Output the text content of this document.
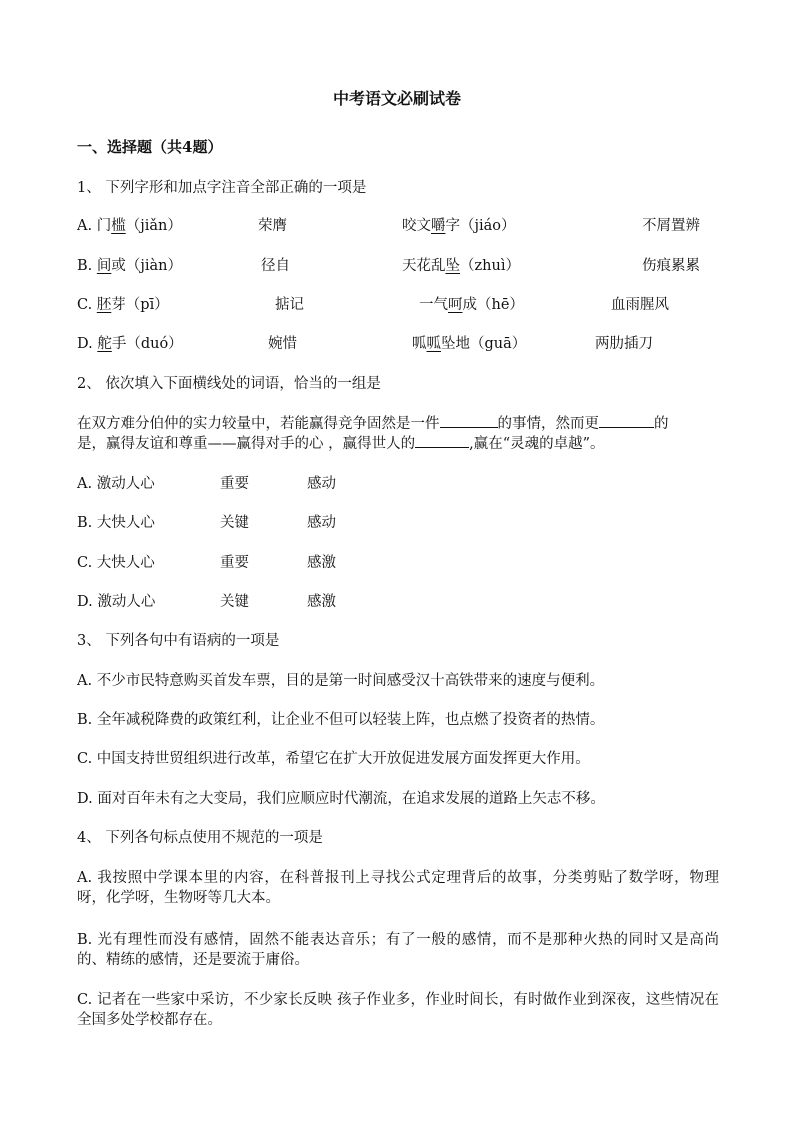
中考语文必刷试卷
一、选择题（共4题）
1、 下列字形和加点字注音全部正确的一项是
A. 门槛（jiǎn）	荣膺	咬文嚼字（jiáo）	不屑置辨
B. 间或（jiàn）	径自	天花乱坠（zhuì）	伤痕累累
C. 胚芽（pī）	掂记	一气呵成（hē）	血雨腥风
D. 舵手（duó）	婉惜	呱呱坠地（guā）	两肋插刀
2、 依次填入下面横线处的词语，恰当的一组是
在双方难分伯仲的实力较量中，若能赢得竞争固然是一件	的事情，然而更	的
是，赢得友谊和尊重——赢得对手的心 ，赢得世人的	,赢在“灵魂的卓越”。
A. 激动人心	重要	感动
B. 大快人心	关键	感动
C. 大快人心	重要	感激
D. 激动人心	关键	感激
3、 下列各句中有语病的一项是
A. 不少市民特意购买首发车票，目的是第一时间感受汉十高铁带来的速度与便利。
B. 全年减税降费的政策红利，让企业不但可以轻装上阵，也点燃了投资者的热情。
C. 中国支持世贸组织进行改革，希望它在扩大开放促进发展方面发挥更大作用。
D. 面对百年未有之大变局，我们应顺应时代潮流，在追求发展的道路上矢志不移。
4、 下列各句标点使用不规范的一项是
A. 我按照中学课本里的内容，在科普报刊上寻找公式定理背后的故事，分类剪贴了数学呀，物理呀，化学呀，生物呀等几大本。
B. 光有理性而没有感情，固然不能表达音乐；有了一般的感情，而不是那种火热的同时又是高尚的、精练的感情，还是要流于庸俗。
C. 记者在一些家中采访，不少家长反映 孩子作业多，作业时间长，有时做作业到深夜，这些情况在全国多处学校都存在。
